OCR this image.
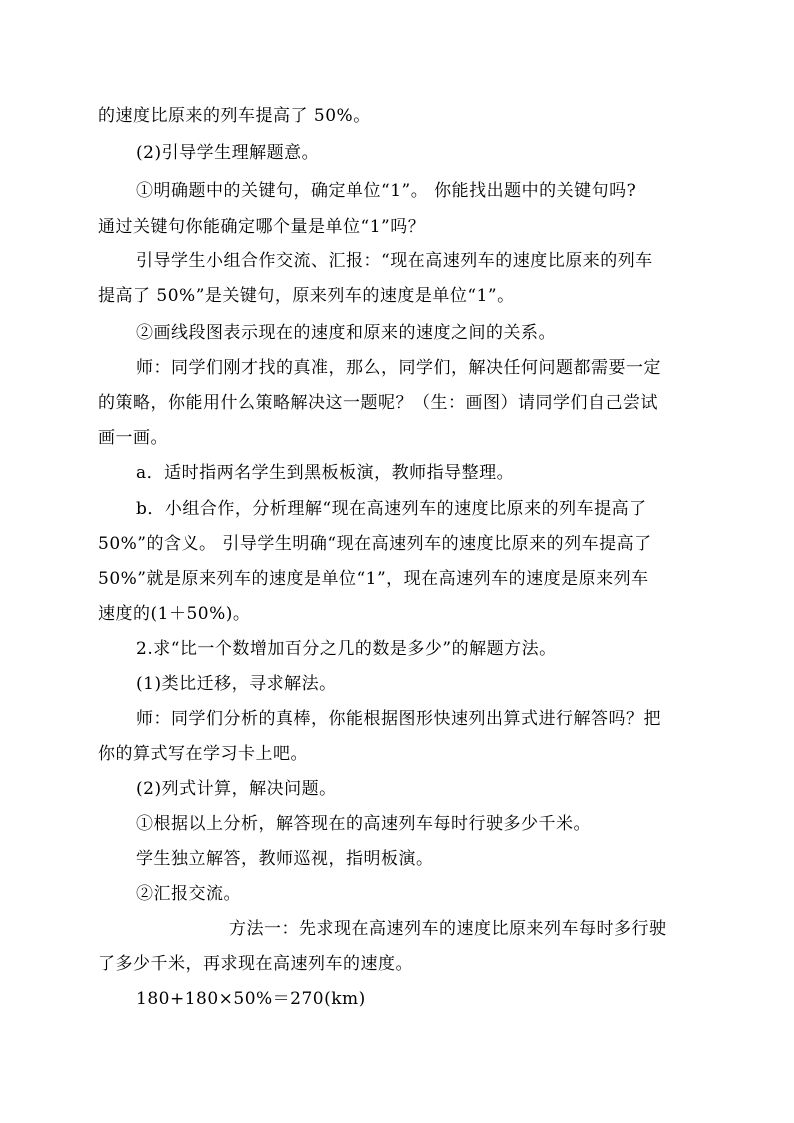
的速度比原来的列车提高了 50%。
(2)引导学生理解题意。
①明确题中的关键句，确定单位“1”。 你能找出题中的关键句吗?
通过关键句你能确定哪个量是单位“1”吗？
引导学生小组合作交流、汇报：“现在高速列车的速度比原来的列车
提高了 50%”是关键句，原来列车的速度是单位“1”。
②画线段图表示现在的速度和原来的速度之间的关系。
师：同学们刚才找的真准，那么，同学们，解决任何问题都需要一定
的策略，你能用什么策略解决这一题呢？（生：画图）请同学们自己尝试
画一画。
a．适时指两名学生到黑板板演，教师指导整理。
b．小组合作，分析理解“现在高速列车的速度比原来的列车提高了
50%”的含义。 引导学生明确“现在高速列车的速度比原来的列车提高了
50%”就是原来列车的速度是单位“1”，现在高速列车的速度是原来列车
速度的(1＋50%)。
2.求“比一个数增加百分之几的数是多少”的解题方法。
(1)类比迁移，寻求解法。
师：同学们分析的真棒，你能根据图形快速列出算式进行解答吗？把
你的算式写在学习卡上吧。
(2)列式计算，解决问题。
①根据以上分析，解答现在的高速列车每时行驶多少千米。
学生独立解答，教师巡视，指明板演。
②汇报交流。
方法一：先求现在高速列车的速度比原来列车每时多行驶
了多少千米，再求现在高速列车的速度。
180+180×50%＝270(km)
